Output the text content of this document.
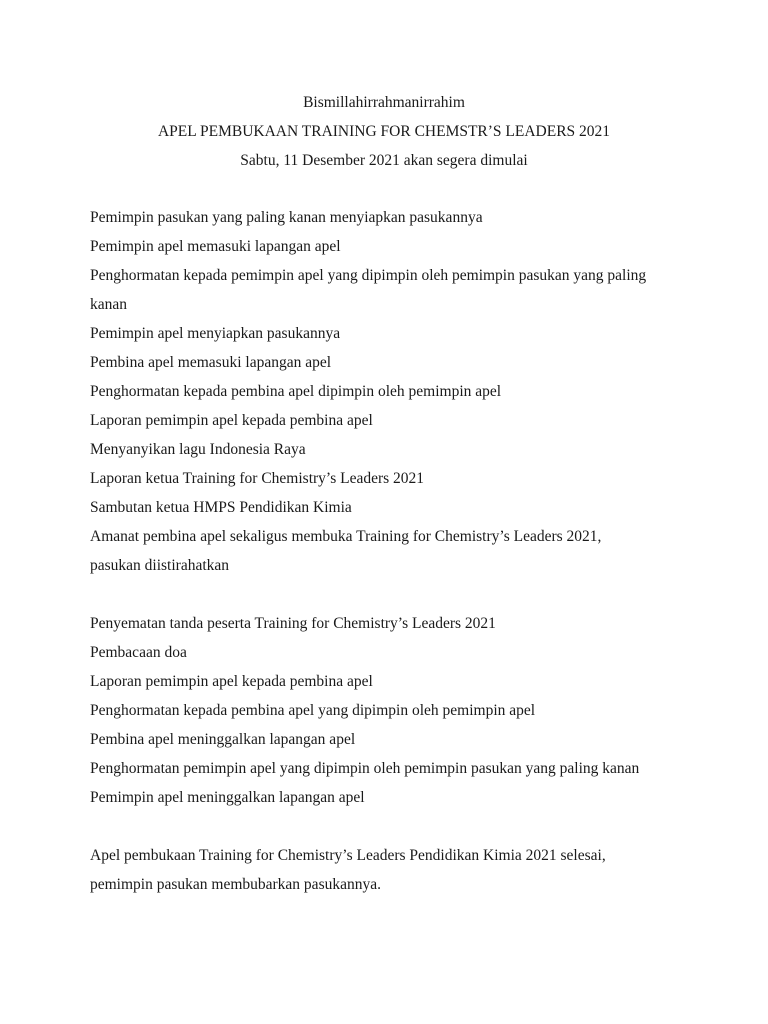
Bismillahirrahmanirrahim
APEL PEMBUKAAN TRAINING FOR CHEMSTR’S LEADERS 2021
Sabtu, 11 Desember 2021 akan segera dimulai
Pemimpin pasukan yang paling kanan menyiapkan pasukannya
Pemimpin apel memasuki lapangan apel
Penghormatan kepada pemimpin apel yang dipimpin oleh pemimpin pasukan yang paling
kanan
Pemimpin apel menyiapkan pasukannya
Pembina apel memasuki lapangan apel
Penghormatan kepada pembina apel dipimpin oleh pemimpin apel
Laporan pemimpin apel kepada pembina apel
Menyanyikan lagu Indonesia Raya
Laporan ketua Training for Chemistry’s Leaders 2021
Sambutan ketua HMPS Pendidikan Kimia
Amanat pembina apel sekaligus membuka Training for Chemistry’s Leaders 2021,
pasukan diistirahatkan
Penyematan tanda peserta Training for Chemistry’s Leaders 2021
Pembacaan doa
Laporan pemimpin apel kepada pembina apel
Penghormatan kepada pembina apel yang dipimpin oleh pemimpin apel
Pembina apel meninggalkan lapangan apel
Penghormatan pemimpin apel yang dipimpin oleh pemimpin pasukan yang paling kanan
Pemimpin apel meninggalkan lapangan apel
Apel pembukaan Training for Chemistry’s Leaders Pendidikan Kimia 2021 selesai,
pemimpin pasukan membubarkan pasukannya.
